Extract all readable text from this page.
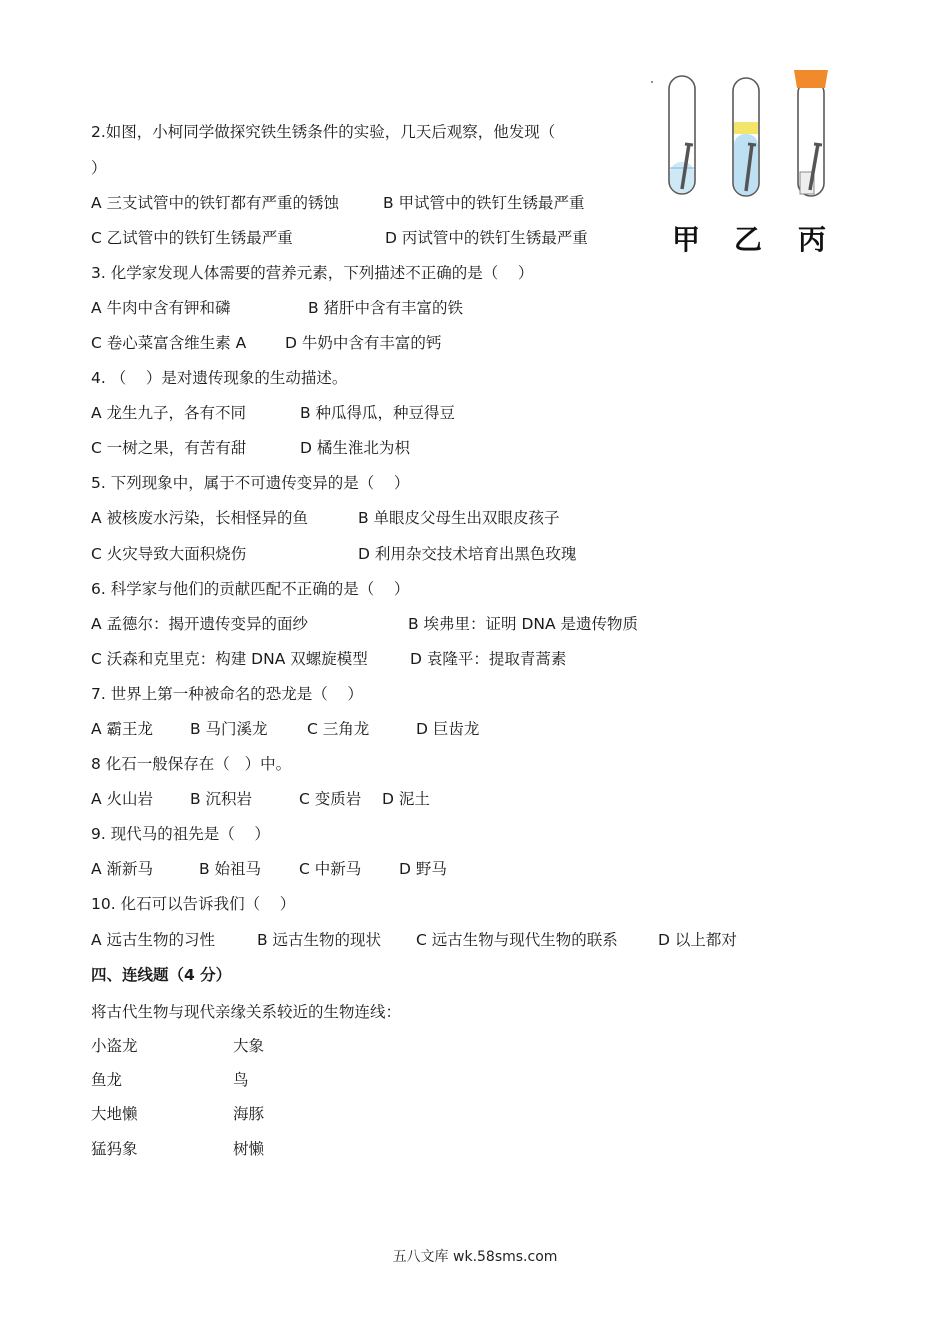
甲 乙 丙
2.如图，小柯同学做探究铁生锈条件的实验，几天后观察，他发现（
）
A 三支试管中的铁钉都有严重的锈蚀	B 甲试管中的铁钉生锈最严重
C 乙试管中的铁钉生锈最严重	D 丙试管中的铁钉生锈最严重
3. 化学家发现人体需要的营养元素，下列描述不正确的是（    ）
A 牛肉中含有钾和磷	B 猪肝中含有丰富的铁
C 卷心菜富含维生素 A D 牛奶中含有丰富的钙
4. （    ）是对遗传现象的生动描述。
A 龙生九子，各有不同	B 种瓜得瓜，种豆得豆
C 一树之果，有苦有甜	D 橘生淮北为枳
5. 下列现象中，属于不可遗传变异的是（    ）
A 被核废水污染，长相怪异的鱼	B 单眼皮父母生出双眼皮孩子
C 火灾导致大面积烧伤	D 利用杂交技术培育出黑色玫瑰
6. 科学家与他们的贡献匹配不正确的是（    ）
A 孟德尔：揭开遗传变异的面纱	B 埃弗里：证明 DNA 是遗传物质
C 沃森和克里克：构建 DNA 双螺旋模型	D 袁隆平：提取青蒿素
7. 世界上第一种被命名的恐龙是（    ）
A 霸王龙 B 马门溪龙	C 三角龙	D 巨齿龙
8 化石一般保存在（   ）中。
A 火山岩 B 沉积岩	C 变质岩 D 泥土
9. 现代马的祖先是（    ）
A 渐新马	B 始祖马 C 中新马 D 野马
10. 化石可以告诉我们（    ）
A 远古生物的习性	B 远古生物的现状 C 远古生物与现代生物的联系	D 以上都对
四、连线题（4 分）
将古代生物与现代亲缘关系较近的生物连线：
小盗龙	大象
鱼龙	鸟
大地懒	海豚
猛犸象	树懒
五八文库 wk.58sms.com
